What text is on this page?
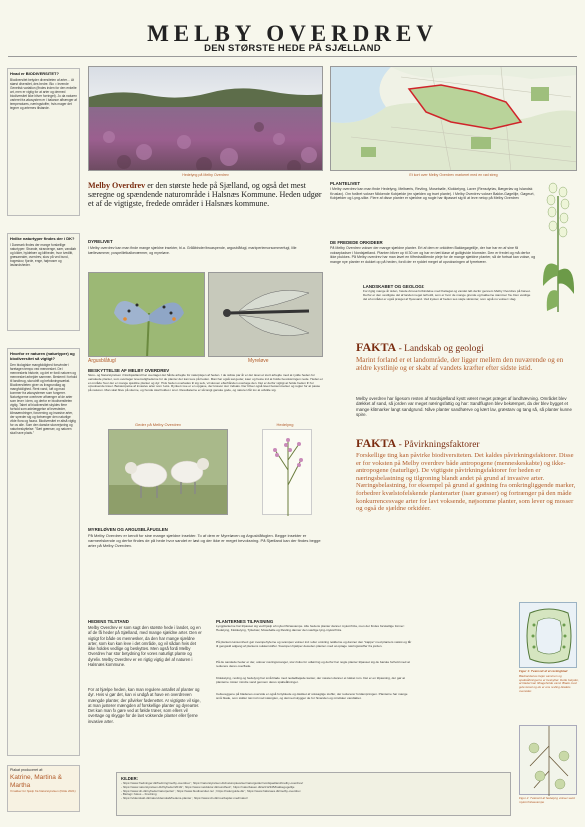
MELBY OVERDREV
DEN STØRSTE HEDE PÅ SJÆLLAND
Hvad er BIODIVERSITET?

Biodiversitet betyder diversiteten af arter… At størst diversitet, des bedre. Bio = levende Genetisk variation (findes inden for den enkelte art, men er vigtig for at arter og dermed biodiversitet ikke bliver forringet). Jo da naturen varieret fra økosystem er i balance afhænger af temperatures, næringstoffer, hvis mager det tegner og arternes tilstande.

Hvilke naturtyper findes der i DK?

I Danmark findes der mange forskellige naturtyper: Strande, strandenge, søer, vandløb og kilder, hyldebær og klitheder, hvor tvedlitt, græsarealer, overdrev, skov på ved bund, bogeskov, fjorde, enge, højmoser og lavlandsheder.

Hvorfor er naturen (naturtyper) og biodiversitet så vigtigt?

Den biologiske mangfoldighed forsvinder i faretagen tempo ved mennesket. De i menneskets historie, og det er fordi naturen og mennesket arbejder sammen. Bestemt i forhold til landbrug, skovdrift og befolkningsvækst. Biodiversiteten giver os livsgrundlag og mangfoldighed. Rent vand, luft og mad kommer fra økosystemer som fungerer. Naturtyperne overlever afhænger af de arter som lever i dem, og derfor er biodiversiteten vigtig. Tabet af biodiversitet skyldes flere forhold som ødelæggelse af levesteder, klimaændringer, forurening og invasive arter, der spreder sig og fortrænger den naturlige vilde flora og fauna. Biodiversitet er altså vigtig for os alle. Som den danske skovrejsning og naturbeskyttelse: "Sæt grænser, og naturen skal have plads."

Plakat produceret af:

Katrine, Martina & Martha

Vi takker for hjælp fra Naturstyrelsen (Kilde 2021)

Hedelyng på Melby Overdrev	Et kort over Melby Overdrev markeret med en rød streg
Melby Overdrev er den største hede på Sjælland, og også det mest særegne og spændende naturområde i Halsnæs Kommune. Heden udgør et af de vigtigste, fredede områder i Halsnæs kommune.
DYRELIVET
I Melby overdrev kan man finde mange sjældne insekter, bl.a. Grååbinder/bruaspende, argusblåfugl, markperlemorsommerfugl, lille kællevammer, pospeilletkalkeværmer, og myreløve.
PLANTELIVET
I Melby overdrev kan man finde Hedelyng, Melbæris, Revling, Mosebølle, Klokkelyng, Laver (Rensdyrlav, Bægerlav og Islandsk Kruslav). Om foråret vokser Nikkende Kobjælde (en sjælden og truet plante). I Melby Overdrev vokser Bakke-Gøgelilje, Gøgeurt, Kobjælder og Lyng-silke. Flere af disse planter er sjældne og nogle har tilpasset sig til at leve netop på Melby Overdrev
DE FREDEDE ORKIDEER
På Melby Overdrev vokser der mange sjældne planter. Ert af dem er orkidéen Bakkegøgelilje, der har har en af sine få voksepladser i Nordsjælland. Planten bliver op til 30 cm og har en tæt klase af gulligtvide blomster. Den er fredet og må derfor ikke plukkes. På Melby overdrev har man lavet en tilfredsstillende pleje for de mange sjældne planter, så de fortsat kan vokse, og mange nye planter er dukket op på heden, fordi der er ryddet meget af opvoksningen af fyrretræer.
LANDSKABET OG GEOLOGI:
For rigtig mange år siden, havde Arresø forbindelse med Kattegat og vandet løb derfor gennem Melby Overdrev på hævet. Derfor er den vestligste del af landet meget lerholdt, som er hvor de mange grunde og bakkerne stammer fra. Den vestlige del af området er også præget af flyvesand. Ved kysten af heden ses stejle skrænter, som også nu vokser i dag.
Argusblåfugl	Myreløve
BESKYTTELSE AF MELBY OVERDREV
Skov- og Naturstyrelsen i Nordsjælland har overtaget det hårde arbejde for naturplejen af heden. I de sidste par år er der lavet et stort arbejde med at rydde heden for uønskede planter, som overtager levemulighederne for de planter der kan leve på heden. Man har også sat geder, køer og heste ind at holde bevoksningen nede. Heden er et område hvor der er mange sjældne planter og dyr. Hvis heden overlades til sig selv, vil skoven efterhånden overtage den. Det er derfor vigtigt at holde heden fri for opvoksende træer. Bekæmpelse af invasive arter som f.eks. Rynket rose er en opgave, der kræver stor indsats. Der bliver også lavet bestemmelser og regler for at passe på naturen. Man skal blive på stierne, og hunde skal holdes i snor. Resultaterne er så langt ganske gode, og naturen får lov at udvikle sig.
Geder på Melby Overdrev	Hedelyng
MYRELØVEN OG ARGUSBLÅFUGLEN
På Melby Overdrev er kendt for sine mange sjældne insekter. To af dem er Myreløven og Argusblåfuglen. Begge insekter er varmeelskende og derfor findes de på hede hvor sandet er løst og der ikke er meget bevoksning. På Sjælland kan der findes begge arter på Melby Overdrev.
FAKTA - Landskab og geologi
Marint forland er et landområde, der ligger mellem den nuværende og en ældre kystlinje og er skabt af vandets kræfter efter sidste istid.
Melby overdrev har ligesom resten af Nordsjælland kystt været meget præget af landhævning. Området blev dækket af sand, så jorden var meget næringsfattig og har: Sandflugten blev bekæmpet, da der blev bygget et mange klitmarker langt sandgrund. Nåve planter sandhærve og kært lav, græstarv og tang så, så planter kunne spire.
FAKTA - Påvirkningsfaktorer
Forskellige ting kan påvirke biodiversiteten. Det kaldes påvirkningsfaktorer. Disse er for voksten på Melby overdrev både antropogene (menneskeskabte) og ikke-antropogene (naturlige). De vigtigste påvirkningsfaktorer for heden er næringsbelastning og tilgroning blandt andet på grund af invasive arter. Næringsbelastning, for eksempel på grund af gødning fra omkringliggende marker, forbedrer kvælstofelskende planterarter (især græsser) og fortrænger på den måde konkurrencesvage arter for lavt voksende, nøjsomme planter, som lever og mosser og også de sjældne orkidéer.
HEDENS TILSTAND
Melby Overdrev er som sagt den største hede i landet, og en af de få heder på Sjælland, med mange sjældne arter. Den er vigtigt for både os mennesker, da den har mange sjældne arter, som kun kan leve i det område, og vil sådan hvis det ikke holdes vedlige og beskyttes. Men også fordi Melby Overdrev har stor betydning for vores naturligt plante og dyreliv. Melby Overdrev er en rigtig vigtig del af naturen i Halsnæs kommune.
For at hjælpe heden, kan man regulere antallet af planter og dyr. Hvis vi gør det, kan vi undgå at have en overdreven mængde planter, der påvirker fødenettet. Ar vigtigste vil sige, at man justerer mængden af forskellige planter og dyrearter. Det kan man fx gøre ved at fælde træer, som ellers vil overtage og skygge for de lavt voksende planter eller fjerne invasive arter.
PLANTERNES TILPASNING
Lyngplanterne har tilpasset sig ved hjælp af mykorrhizasvampe. Alle hedens planter danner mykorrhiza, men der findes forskellige former: Hedelyng, Klokkelyng, Tyttebær, Mosebølle og Revling danner den særlige lyng-mykorrhiza.
På planters lønsomhed: gør svampehyferne og svampen vokser ind i eller omkring rødderne og danner den "kappe" med planters vækst og får til gengæld adgang af plantens sukkerstoffer. Svampen hjælper desuden planten med at optage næringsstoffer fra jorden.
På de sandede heder er der, udover næringsmangel, stor risiko for udtørring og derfor har nogle planter tilpasset sig de barske forhold med at reducere deres overflade.
Klokkelyng, revling og hedelyng har små blade med nedadbøjede kanter, der næsten danner et lukket rum. Det er en tilpasning, der gør at planterne mister mindre vand gennem deres spalteåbninger.
Celleveggene på bladenes overside er også fortykkede og dækket af voksagtige stoffer, der reducerer fordampningen. Planterne har mange små blade, som sidder tæt ind mod stænglen, og dermed skygger de for hinanden og mindsker vandtabet.
Figur 1: Tværsnit af et revlingblad
Bladrandenes bøjer sammen og spalteåbningerne er beskyttet. Dette betyder, at bladet kan tilbageholde vand. Blade med gule lamel og de er ens revling-bladets oversider.
Figur 2: Tværsnit af hedelyng vokser samt mykorrhizasvampe
KILDER:
- https://www.fredninger.dk/fredning/melby-overdrev/ ; https://naturstyrelsen.dk/naturoplevelser/naturguider/nordsjaelland/melby-overdrev/
- https://www.naturstyrelsen.dk/Nyheder/2019/ ; https://www.netdoktor.dk/sundhed/ ; https://naturbasen.dk/art/12345/bakkegogelilje
- https://www.dn.dk/nyheder/naturperler/ ; https://www.biodiversitet.nu/ ; https://naturguide.dk/ ; https://www.halsnaes.dk/melby-overdrev
- Biologi i fokus – Fredning
- https://videnskab.dk/naturvidenskab/hedens-planter ; https://www.dn.dk/vi-arbejder-med/natur/
